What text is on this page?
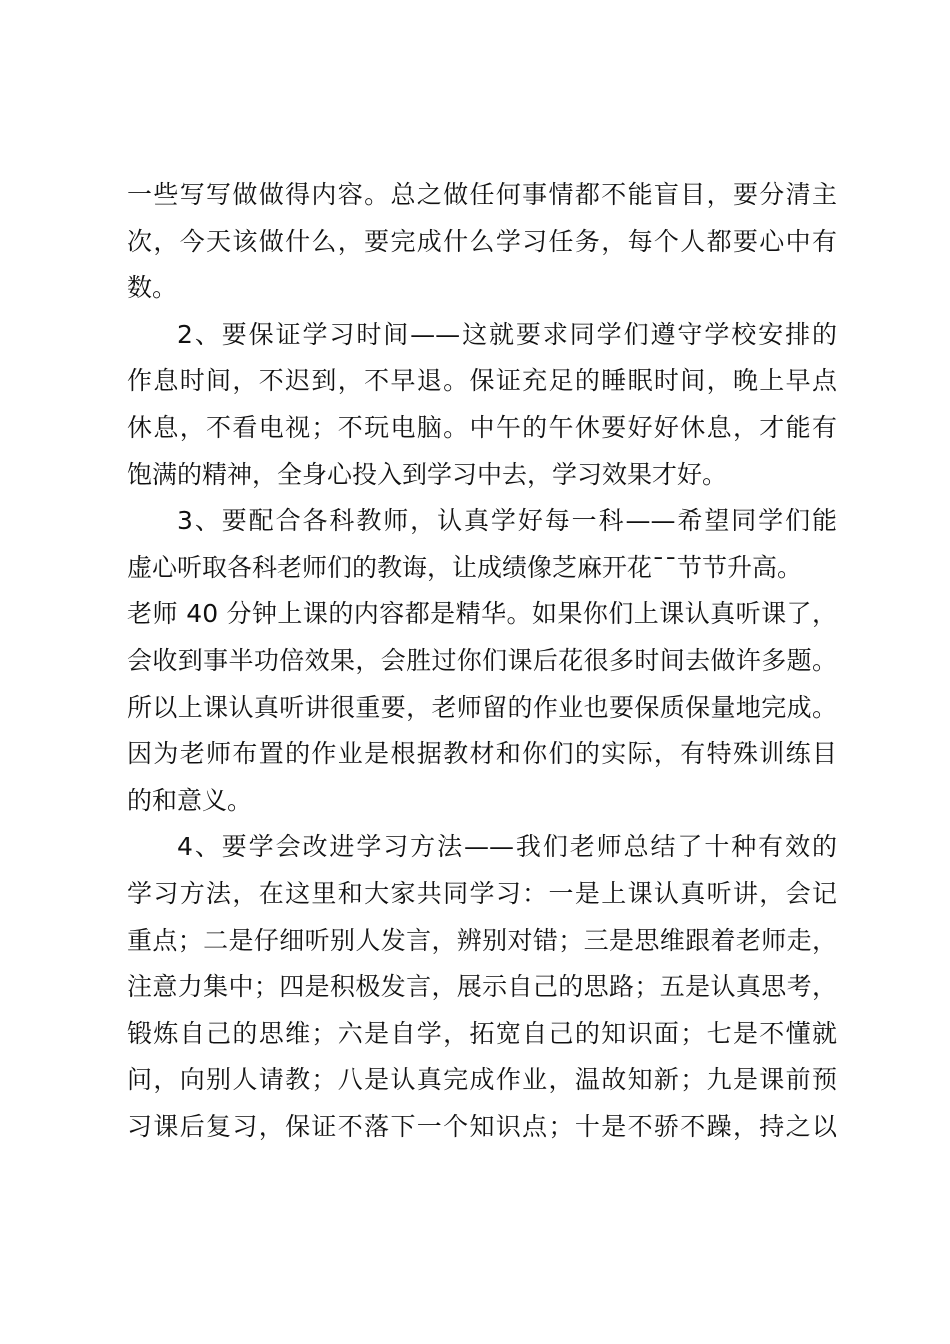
一些写写做做得内容。总之做任何事情都不能盲目，要分清主
次，今天该做什么，要完成什么学习任务，每个人都要心中有
数。
2、要保证学习时间——这就要求同学们遵守学校安排的
作息时间，不迟到，不早退。保证充足的睡眠时间，晚上早点
休息，不看电视；不玩电脑。中午的午休要好好休息，才能有
饱满的精神，全身心投入到学习中去，学习效果才好。
3、要配合各科教师，认真学好每一科——希望同学们能
虚心听取各科老师们的教诲，让成绩像芝麻开花¯¯节节升高。
老师 40 分钟上课的内容都是精华。如果你们上课认真听课了，
会收到事半功倍效果，会胜过你们课后花很多时间去做许多题。
所以上课认真听讲很重要，老师留的作业也要保质保量地完成。
因为老师布置的作业是根据教材和你们的实际，有特殊训练目
的和意义。
4、要学会改进学习方法——我们老师总结了十种有效的
学习方法，在这里和大家共同学习：一是上课认真听讲，会记
重点；二是仔细听别人发言，辨别对错；三是思维跟着老师走，
注意力集中；四是积极发言，展示自己的思路；五是认真思考，
锻炼自己的思维；六是自学，拓宽自己的知识面；七是不懂就
问，向别人请教；八是认真完成作业，温故知新；九是课前预
习课后复习，保证不落下一个知识点；十是不骄不躁，持之以
